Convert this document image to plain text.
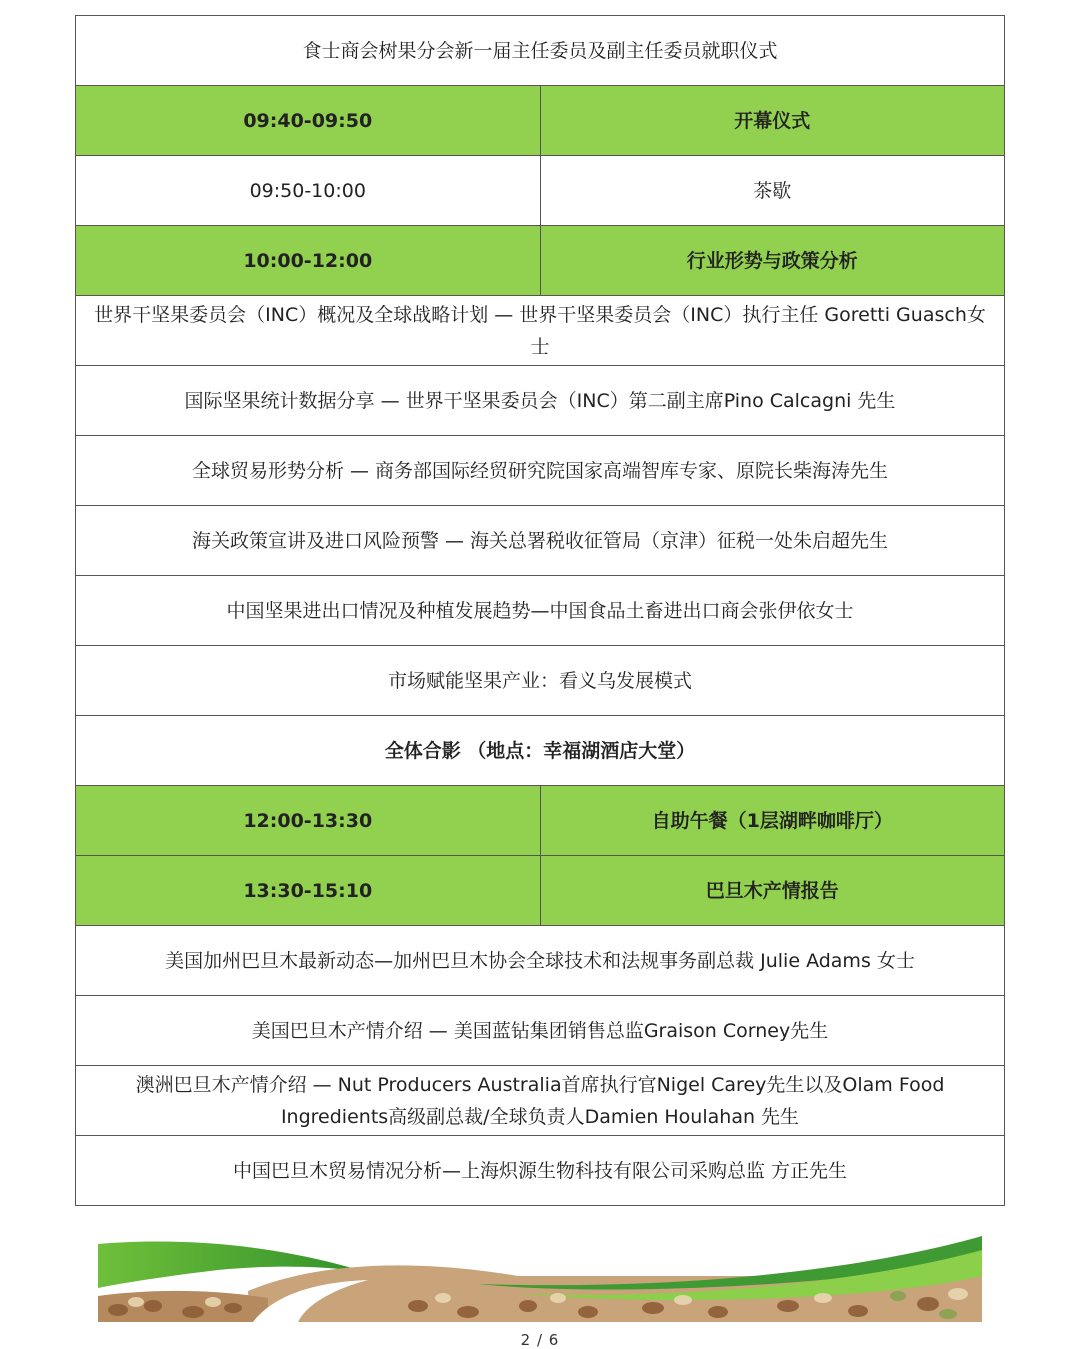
食士商会树果分会新一届主任委员及副主任委员就职仪式	
09:40-09:50	开幕仪式
09:50-10:00	茶歇
10:00-12:00	行业形势与政策分析
世界干坚果委员会（INC）概况及全球战略计划 — 世界干坚果委员会（INC）执行主任 Goretti Guasch女士	
国际坚果统计数据分享 — 世界干坚果委员会（INC）第二副主席Pino Calcagni 先生	
全球贸易形势分析 — 商务部国际经贸研究院国家高端智库专家、原院长柴海涛先生	
海关政策宣讲及进口风险预警 — 海关总署税收征管局（京津）征税一处朱启超先生	
中国坚果进出口情况及种植发展趋势—中国食品土畜进出口商会张伊依女士	
市场赋能坚果产业：看义乌发展模式	
全体合影 （地点：幸福湖酒店大堂）	
12:00-13:30	自助午餐（1层湖畔咖啡厅）
13:30-15:10	巴旦木产情报告
美国加州巴旦木最新动态—加州巴旦木协会全球技术和法规事务副总裁 Julie Adams 女士	
美国巴旦木产情介绍 — 美国蓝钻集团销售总监Graison Corney先生	
澳洲巴旦木产情介绍 — Nut Producers Australia首席执行官Nigel Carey先生以及Olam Food Ingredients高级副总裁/全球负责人Damien Houlahan 先生	
中国巴旦木贸易情况分析—上海炽源生物科技有限公司采购总监 方正先生	
2 / 6
